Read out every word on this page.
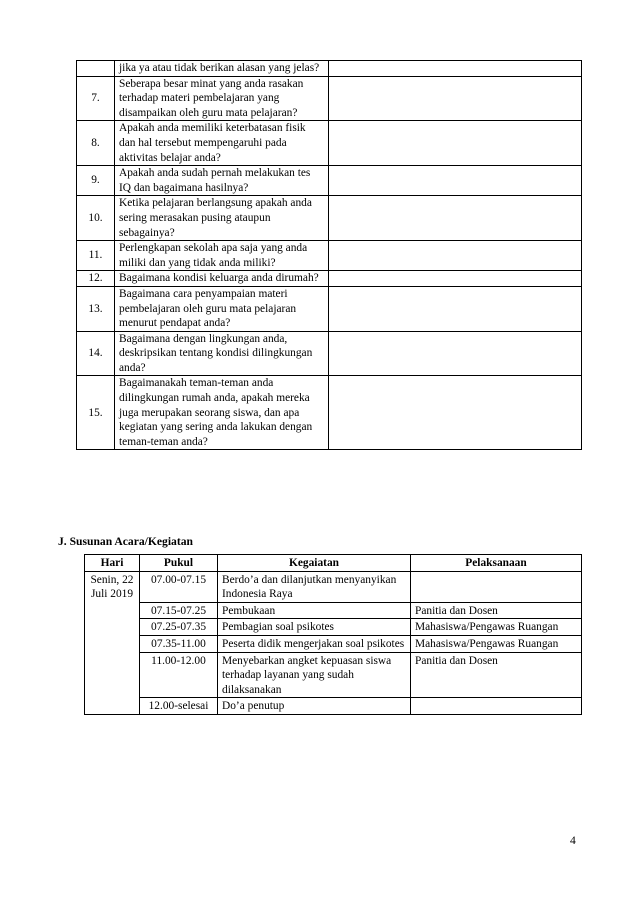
	jika ya atau tidak berikan alasan yang jelas?	
7.	Seberapa besar minat yang anda rasakan terhadap materi pembelajaran yang disampaikan oleh guru mata pelajaran?	
8.	Apakah anda memiliki keterbatasan fisik dan hal tersebut mempengaruhi pada aktivitas belajar anda?	
9.	Apakah anda sudah pernah melakukan tes IQ dan bagaimana hasilnya?	
10.	Ketika pelajaran berlangsung apakah anda sering merasakan pusing ataupun sebagainya?	
11.	Perlengkapan sekolah apa saja yang anda miliki dan yang tidak anda miliki?	
12.	Bagaimana kondisi keluarga anda dirumah?	
13.	Bagaimana cara penyampaian materi pembelajaran oleh guru mata pelajaran menurut pendapat anda?	
14.	Bagaimana dengan lingkungan anda, deskripsikan tentang kondisi dilingkungan anda?	
15.	Bagaimanakah teman-teman anda dilingkungan rumah anda, apakah mereka juga merupakan seorang siswa, dan apa kegiatan yang sering anda lakukan dengan teman-teman anda?	
J. Susunan Acara/Kegiatan
Hari	Pukul	Kegaiatan	Pelaksanaan
Senin, 22 Juli 2019	07.00-07.15	Berdo’a dan dilanjutkan menyanyikan Indonesia Raya	
	07.15-07.25	Pembukaan	Panitia dan Dosen
	07.25-07.35	Pembagian soal psikotes	Mahasiswa/Pengawas Ruangan
	07.35-11.00	Peserta didik mengerjakan soal psikotes	Mahasiswa/Pengawas Ruangan
	11.00-12.00	Menyebarkan angket kepuasan siswa terhadap layanan yang sudah dilaksanakan	Panitia dan Dosen
	12.00-selesai	Do’a penutup	
4
